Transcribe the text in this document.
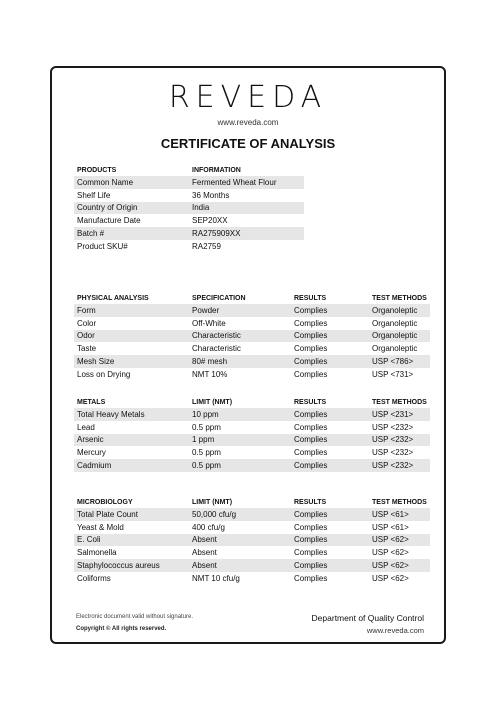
REVEDA
www.reveda.com
CERTIFICATE OF ANALYSIS
PRODUCTS	INFORMATION
Common Name	Fermented Wheat Flour
Shelf Life	36 Months
Country of Origin	India
Manufacture Date	SEP20XX
Batch #	RA275909XX
Product SKU#	RA2759
PHYSICAL ANALYSIS	SPECIFICATION	RESULTS	TEST METHODS
Form	Powder	Complies	Organoleptic
Color	Off-White	Complies	Organoleptic
Odor	Characteristic	Complies	Organoleptic
Taste	Characteristic	Complies	Organoleptic
Mesh Size	80# mesh	Complies	USP <786>
Loss on Drying	NMT 10%	Complies	USP <731>
METALS	LIMIT (NMT)	RESULTS	TEST METHODS
Total Heavy Metals	10 ppm	Complies	USP <231>
Lead	0.5 ppm	Complies	USP <232>
Arsenic	1 ppm	Complies	USP <232>
Mercury	0.5 ppm	Complies	USP <232>
Cadmium	0.5 ppm	Complies	USP <232>
MICROBIOLOGY	LIMIT (NMT)	RESULTS	TEST METHODS
Total Plate Count	50,000 cfu/g	Complies	USP <61>
Yeast & Mold	400 cfu/g	Complies	USP <61>
E. Coli	Absent	Complies	USP <62>
Salmonella	Absent	Complies	USP <62>
Staphylococcus aureus	Absent	Complies	USP <62>
Coliforms	NMT 10 cfu/g	Complies	USP <62>
Electronic document valid without signature.
Copyright © All rights reserved.
Department of Quality Control
www.reveda.com
